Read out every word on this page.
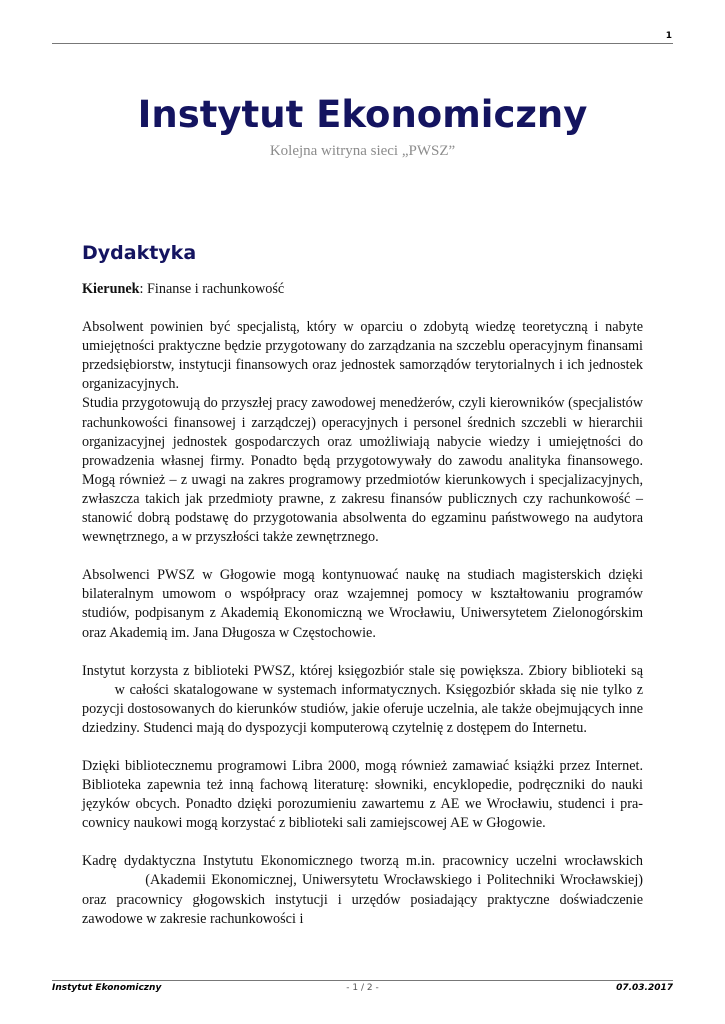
1
Instytut Ekonomiczny
Kolejna witryna sieci „PWSZ”
Dydaktyka

Kierunek: Finanse i rachunkowość

Absolwent powinien być specjalistą, który w oparciu o zdobytą wiedzę teoretyczną i nabyte umiejętności praktyczne będzie przygotowany do zarządzania na szczeblu operacyjnym finansami przedsiębiorstw, instytucji finansowych oraz jednostek samorządów terytorialnych i ich jednostek organizacyjnych.

Studia przygotowują do przyszłej pracy zawodowej menedżerów, czyli kierowników (specjalistów rachunkowości finansowej i zarządczej) operacyjnych i personel średnich szczebli w hierarchii organizacyjnej jednostek gospodarczych oraz umożliwiają nabycie wiedzy i umiejętności do prowadzenia własnej firmy. Ponadto będą przygotowywały do zawodu analityka finansowego. Mogą również – z uwagi na zakres programowy przedmiotów kierunkowych i specjalizacyjnych, zwłaszcza takich jak przedmioty prawne, z zakresu finansów publicznych czy rachunkowość – stanowić dobrą podstawę do przygotowania absolwenta do egzaminu państwowego na audytora wewnętrznego, a w przyszłości także zewnętrznego.

Absolwenci PWSZ w Głogowie mogą kontynuować naukę na studiach magisterskich dzięki bilateralnym umowom o współpracy oraz wzajemnej pomocy w kształtowaniu programów studiów, podpisanym z Akademią Ekonomiczną we Wrocławiu, Uniwersytetem Zielonogórskim oraz Akademią im. Jana Długosza w Częstochowie.

Instytut korzysta z biblioteki PWSZ, której księgozbiór stale się powiększa. Zbiory biblioteki są w całości skatalogowane w systemach informatycznych. Księgozbiór składa się nie tylko z pozycji dostosowanych do kierunków studiów, jakie oferuje uczelnia, ale także obejmujących inne dziedziny. Studenci mają do dyspozycji komputerową czytelnię z dostępem do Internetu.

Dzięki bibliotecznemu programowi Libra 2000, mogą również zamawiać książki przez Internet. Biblioteka zapewnia też inną fachową literaturę: słowniki, encyklopedie, podręczniki do nauki języków obcych. Ponadto dzięki porozumieniu zawartemu z AE we Wrocławiu, studenci i pra- cownicy naukowi mogą korzystać z biblioteki sali zamiejscowej AE w Głogowie.

Kadrę dydaktyczna Instytutu Ekonomicznego tworzą m.in. pracownicy uczelni wrocławskich (Akademii Ekonomicznej, Uniwersytetu Wrocławskiego i Politechniki Wrocławskiej) oraz pracownicy głogowskich instytucji i urzędów posiadający praktyczne doświadczenie zawodowe w zakresie rachunkowości i

Instytut Ekonomiczny	- 1 / 2 -	07.03.2017
